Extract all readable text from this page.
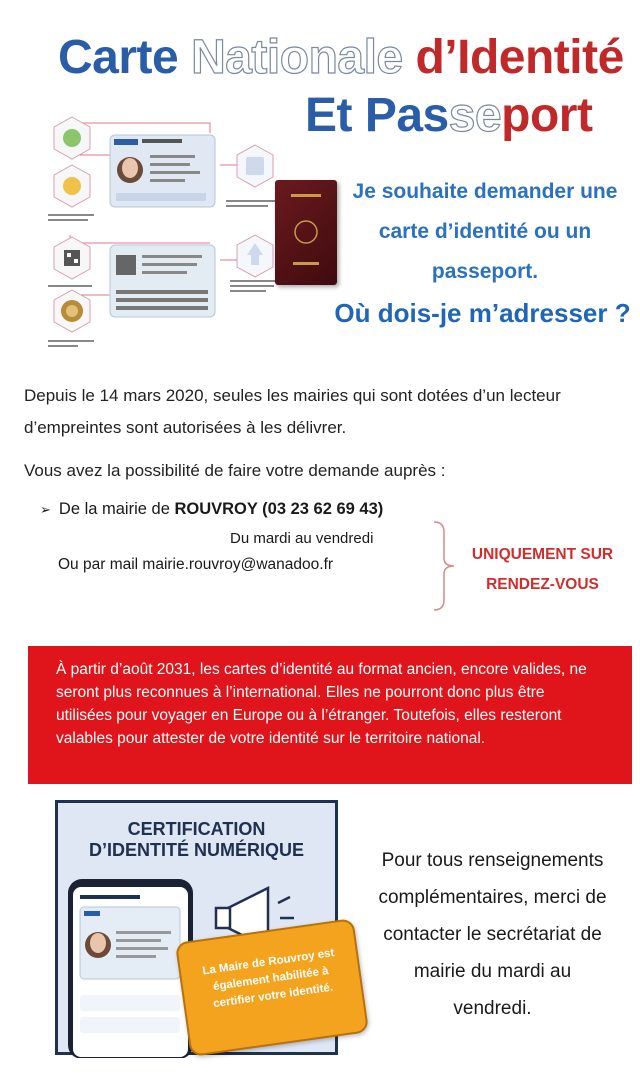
Carte Nationale d’Identité
Et Passeport
Je souhaite demander une
carte d’identité ou un
passeport.
Où dois-je m’adresser ?
Depuis le 14 mars 2020, seules les mairies qui sont dotées d’un lecteur
d’empreintes sont autorisées à les délivrer.
Vous avez la possibilité de faire votre demande auprès :
➢ De la mairie de ROUVROY (03 23 62 69 43)
Du mardi au vendredi
Ou par mail mairie.rouvroy@wanadoo.fr
UNIQUEMENT SUR
RENDEZ-VOUS
À partir d’août 2031, les cartes d’identité au format ancien, encore valides, ne seront plus reconnues à l’international. Elles ne pourront donc plus être utilisées pour voyager en Europe ou à l’étranger. Toutefois, elles resteront valables pour attester de votre identité sur le territoire national.
CERTIFICATION
D’IDENTITÉ NUMÉRIQUE
La Maire de Rouvroy est également habilitée à certifier votre identité.
Pour tous renseignements
complémentaires, merci de
contacter le secrétariat de
mairie du mardi au
vendredi.
